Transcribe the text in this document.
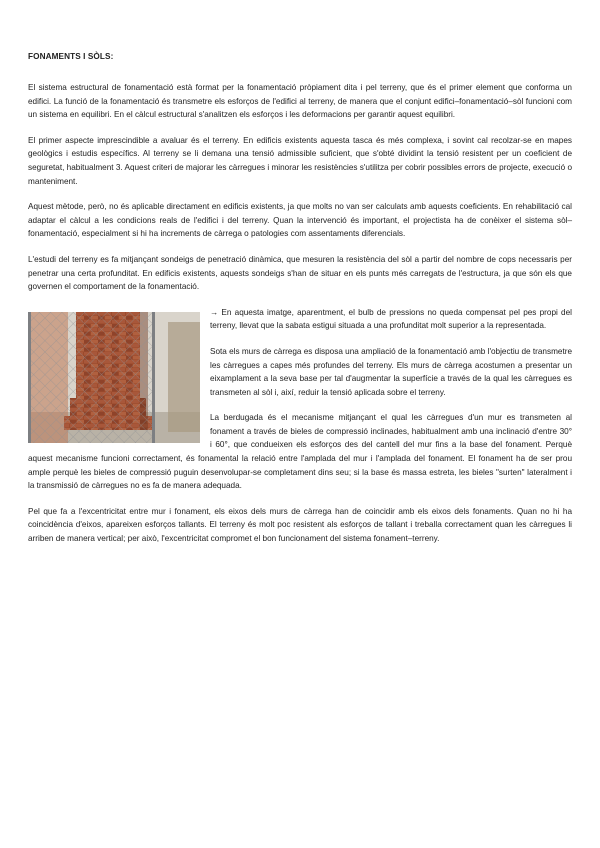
FONAMENTS I SÒLS:

El sistema estructural de fonamentació està format per la fonamentació pròpiament dita i pel terreny, que és el primer element que conforma un edifici. La funció de la fonamentació és transmetre els esforços de l'edifici al terreny, de manera que el conjunt edifici–fonamentació–sòl funcioni com un sistema en equilibri. En el càlcul estructural s'analitzen els esforços i les deformacions per garantir aquest equilibri.

El primer aspecte imprescindible a avaluar és el terreny. En edificis existents aquesta tasca és més complexa, i sovint cal recolzar-se en mapes geològics i estudis específics. Al terreny se li demana una tensió admissible suficient, que s'obté dividint la tensió resistent per un coeficient de seguretat, habitualment 3. Aquest criteri de majorar les càrregues i minorar les resistències s'utilitza per cobrir possibles errors de projecte, execució o manteniment.

Aquest mètode, però, no és aplicable directament en edificis existents, ja que molts no van ser calculats amb aquests coeficients. En rehabilitació cal adaptar el càlcul a les condicions reals de l'edifici i del terreny. Quan la intervenció és important, el projectista ha de conèixer el sistema sòl–fonamentació, especialment si hi ha increments de càrrega o patologies com assentaments diferencials.

L'estudi del terreny es fa mitjançant sondeigs de penetració dinàmica, que mesuren la resistència del sòl a partir del nombre de cops necessaris per penetrar una certa profunditat. En edificis existents, aquests sondeigs s'han de situar en els punts més carregats de l'estructura, ja que són els que governen el comportament de la fonamentació.

→ En aquesta imatge, aparentment, el bulb de pressions no queda compensat pel pes propi del terreny, llevat que la sabata estigui situada a una profunditat molt superior a la representada.

Sota els murs de càrrega es disposa una ampliació de la fonamentació amb l'objectiu de transmetre les càrregues a capes més profundes del terreny. Els murs de càrrega acostumen a presentar un eixamplament a la seva base per tal d'augmentar la superfície a través de la qual les càrregues es transmeten al sòl i, així, reduir la tensió aplicada sobre el terreny.

La berdugada és el mecanisme mitjançant el qual les càrregues d'un mur es transmeten al fonament a través de bieles de compressió inclinades, habitualment amb una inclinació d'entre 30° i 60°, que condueixen els esforços des del cantell del mur fins a la base del fonament. Perquè aquest mecanisme funcioni correctament, és fonamental la relació entre l'amplada del mur i l'amplada del fonament. El fonament ha de ser prou ample perquè les bieles de compressió puguin desenvolupar-se completament dins seu; si la base és massa estreta, les bieles "surten" lateralment i la transmissió de càrregues no es fa de manera adequada.

Pel que fa a l'excentricitat entre mur i fonament, els eixos dels murs de càrrega han de coincidir amb els eixos dels fonaments. Quan no hi ha coincidència d'eixos, apareixen esforços tallants. El terreny és molt poc resistent als esforços de tallant i treballa correctament quan les càrregues li arriben de manera vertical; per això, l'excentricitat compromet el bon funcionament del sistema fonament–terreny.
